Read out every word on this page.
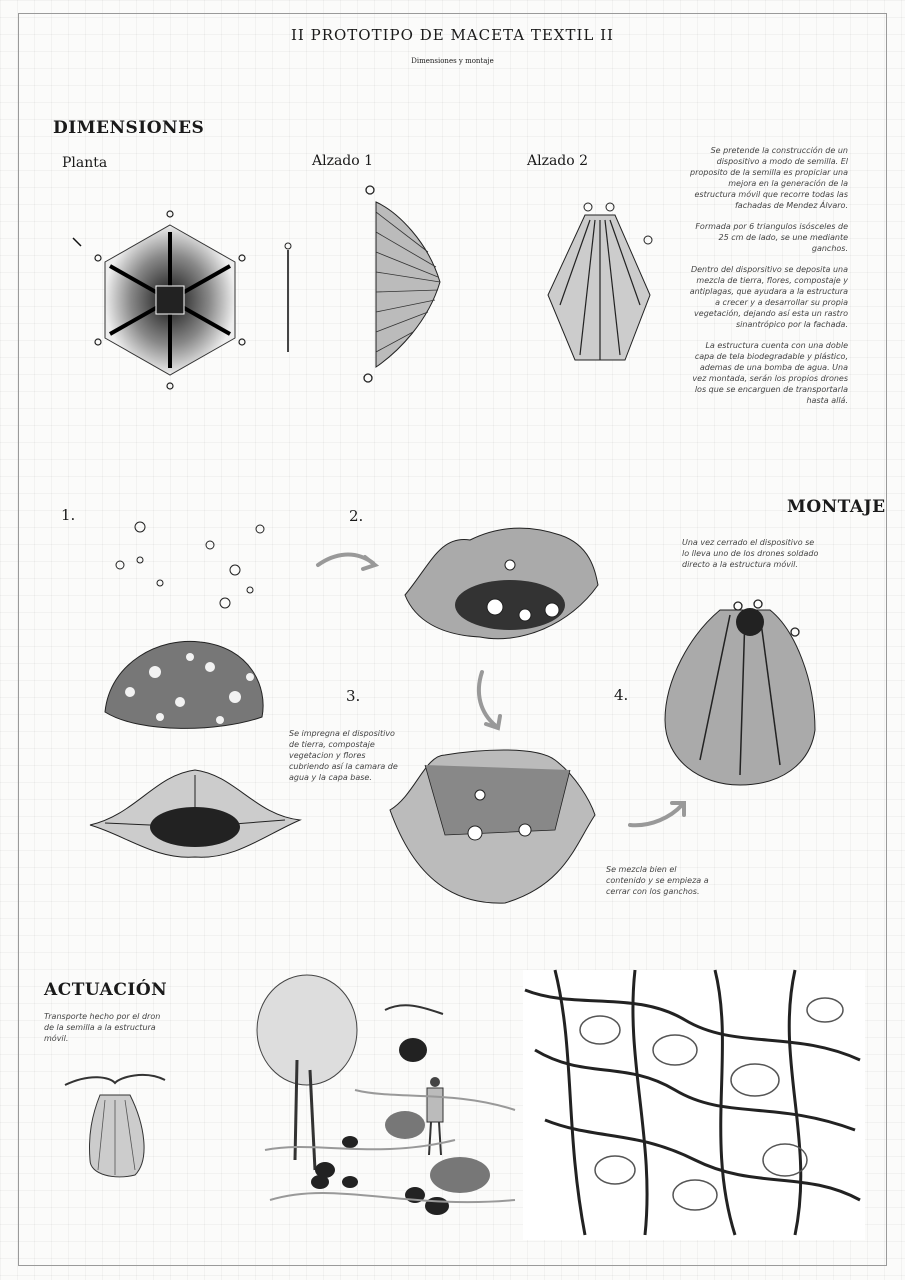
II PROTOTIPO DE MACETA TEXTIL II
Dimensiones y montaje
DIMENSIONES
Planta	Alzado 1	Alzado 2

Se pretende la construcción de un dispositivo a modo de semilla. El proposito de la semilla es propiciar una mejora en la generación de la estructura móvil que recorre todas las fachadas de Mendez Álvaro.

Formada por 6 triangulos isósceles de 25 cm de lado, se une mediante ganchos.

Dentro del disporsitivo se deposita una mezcla de tierra, flores, compostaje y antiplagas, que ayudara a la estructura a crecer y a desarrollar su propia vegetación, dejando así esta un rastro sinantrópico por la fachada.

La estructura cuenta con una doble capa de tela biodegradable y plástico, ademas de una bomba de agua. Una vez montada, serán los propios drones los que se encarguen de transportarla hasta allá.

MONTAJE
Una vez cerrado el dispositivo se lo lleva uno de los drones soldado directo a la estructura móvil.
1.	2.
3.	4.
Se impregna el dispositivo de tierra, compostaje vegetacion y flores cubriendo así la camara de agua y la capa base.
Se mezcla bien el contenido y se empieza a cerrar con los ganchos.
ACTUACIÓN
Transporte hecho por el dron de la semilla a la estructura móvil.
